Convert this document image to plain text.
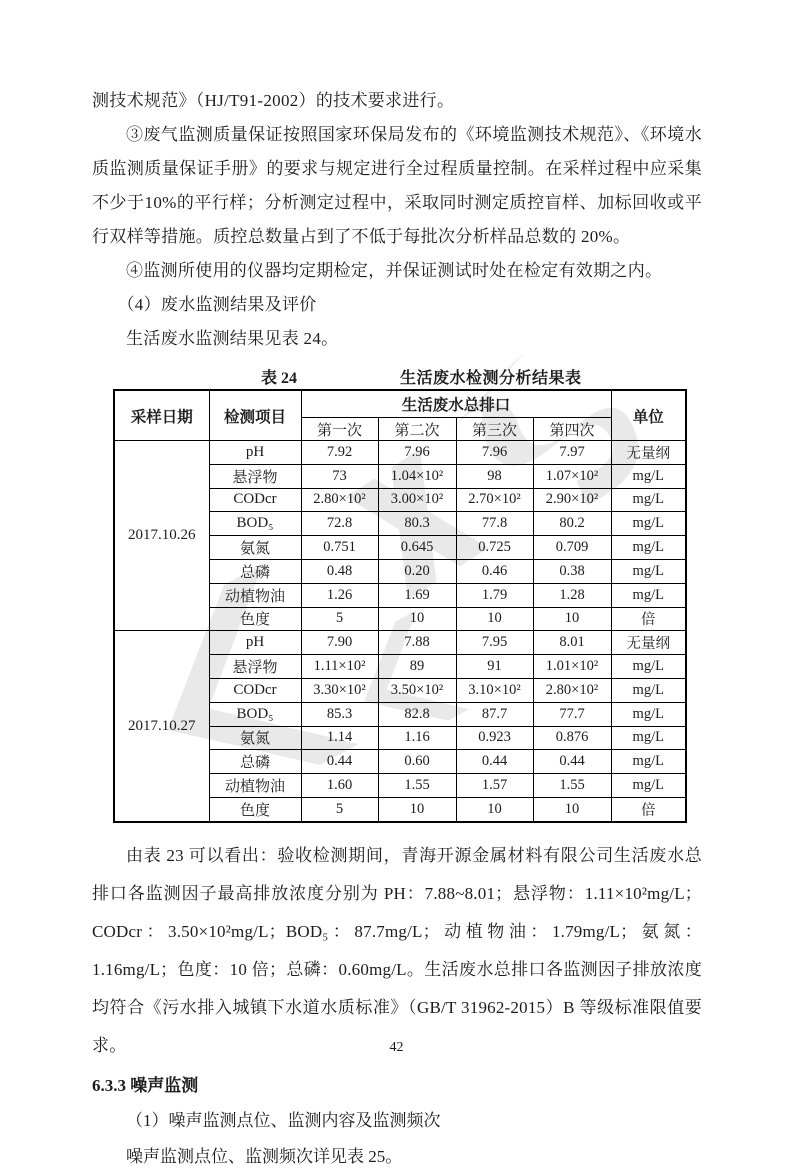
测技术规范》（HJ/T91-2002）的技术要求进行。

③废气监测质量保证按照国家环保局发布的《环境监测技术规范》、《环境水质监测质量保证手册》的要求与规定进行全过程质量控制。在采样过程中应采集不少于10%的平行样；分析测定过程中，采取同时测定质控盲样、加标回收或平行双样等措施。质控总数量占到了不低于每批次分析样品总数的 20%。

④监测所使用的仪器均定期检定，并保证测试时处在检定有效期之内。

（4）废水监测结果及评价

生活废水监测结果见表 24。

表 24	生活废水检测分析结果表
采样日期	检测项目	生活废水总排口				单位
		第一次	第二次	第三次	第四次	
2017.10.26	pH	7.92	7.96	7.96	7.97	无量纲
	悬浮物	73	1.04×10²	98	1.07×10²	mg/L
	CODcr	2.80×10²	3.00×10²	2.70×10²	2.90×10²	mg/L
	BOD₅	72.8	80.3	77.8	80.2	mg/L
	氨氮	0.751	0.645	0.725	0.709	mg/L
	总磷	0.48	0.20	0.46	0.38	mg/L
	动植物油	1.26	1.69	1.79	1.28	mg/L
	色度	5	10	10	10	倍
2017.10.27	pH	7.90	7.88	7.95	8.01	无量纲
	悬浮物	1.11×10²	89	91	1.01×10²	mg/L
	CODcr	3.30×10²	3.50×10²	3.10×10²	2.80×10²	mg/L
	BOD₅	85.3	82.8	87.7	77.7	mg/L
	氨氮	1.14	1.16	0.923	0.876	mg/L
	总磷	0.44	0.60	0.44	0.44	mg/L
	动植物油	1.60	1.55	1.57	1.55	mg/L
	色度	5	10	10	10	倍

由表 23 可以看出：验收检测期间，青海开源金属材料有限公司生活废水总排口各监测因子最高排放浓度分别为 PH：7.88~8.01；悬浮物：1.11×10²mg/L；CODcr：3.50×10²mg/L；BOD₅：87.7mg/L；动植物油：1.79mg/L；氨氮：1.16mg/L；色度：10 倍；总磷：0.60mg/L。生活废水总排口各监测因子排放浓度均符合《污水排入城镇下水道水质标准》（GB/T 31962-2015）B 等级标准限值要求。

6.3.3 噪声监测

（1）噪声监测点位、监测内容及监测频次

噪声监测点位、监测频次详见表 25。

42
